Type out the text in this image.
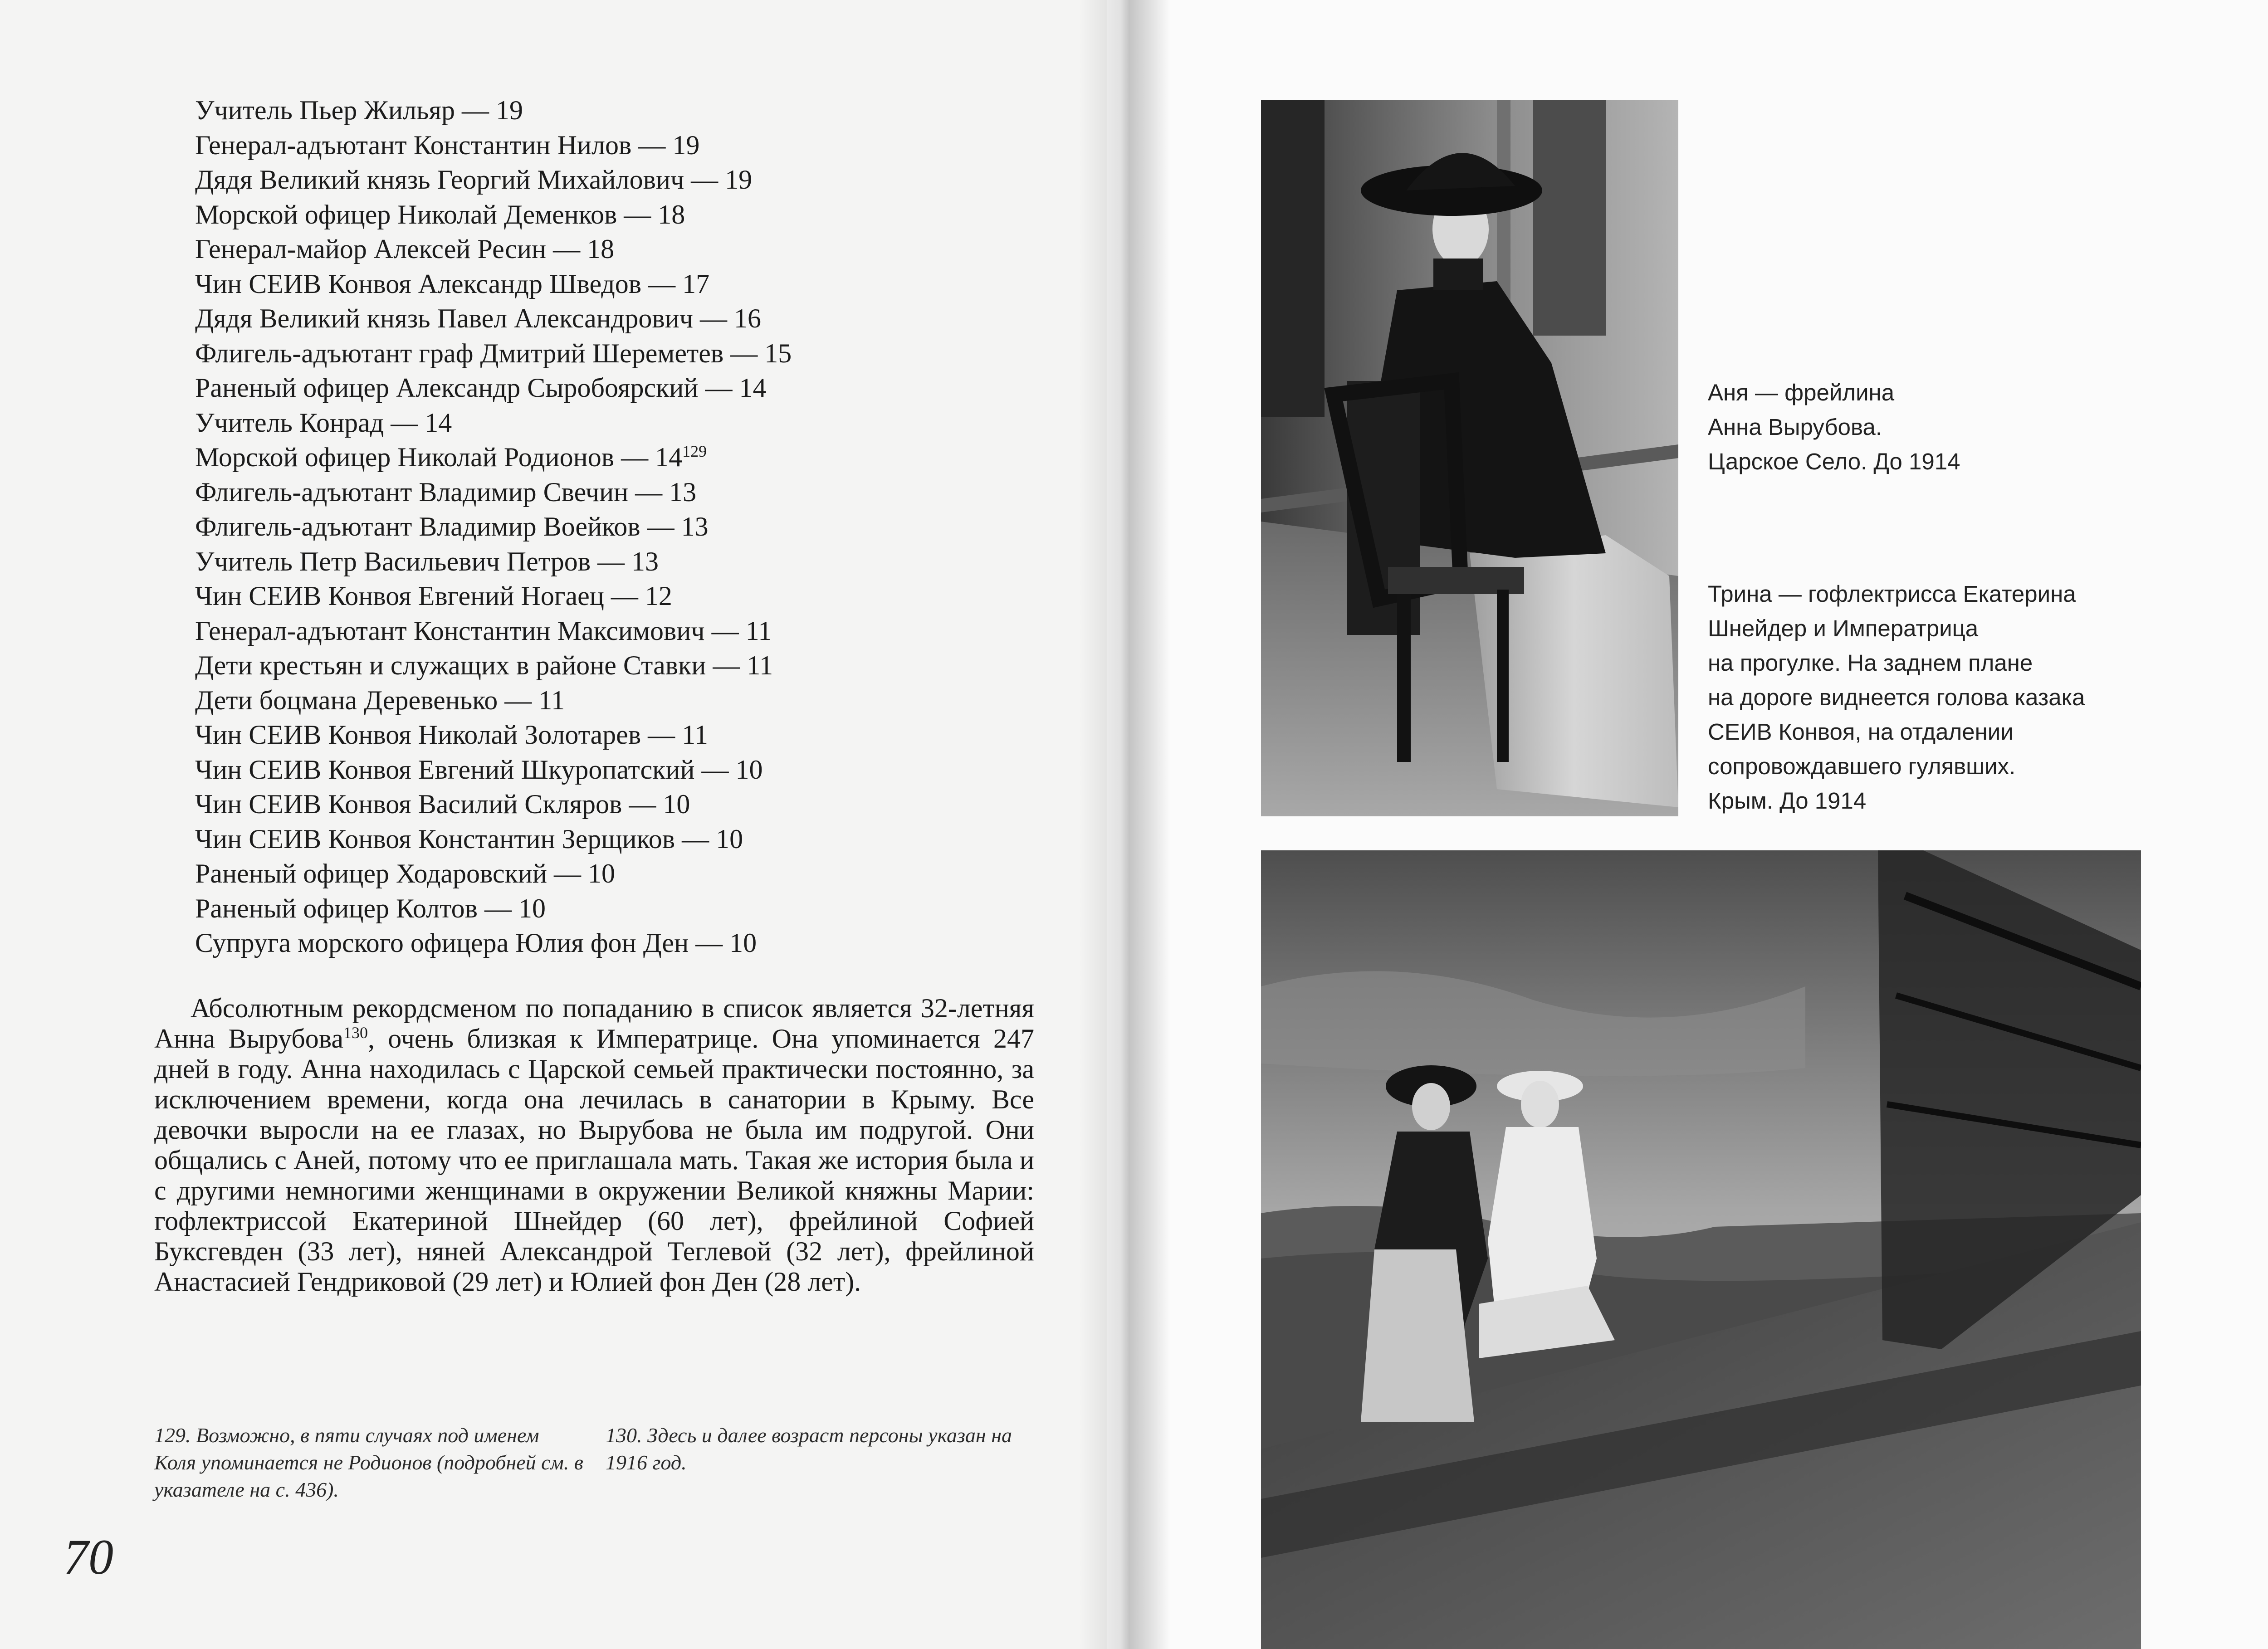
Учитель Пьер Жильяр — 19
Генерал-адъютант Константин Нилов — 19
Дядя Великий князь Георгий Михайлович — 19
Морской офицер Николай Деменков — 18
Генерал-майор Алексей Ресин — 18
Чин СЕИВ Конвоя Александр Шведов — 17
Дядя Великий князь Павел Александрович — 16
Флигель-адъютант граф Дмитрий Шереметев — 15
Раненый офицер Александр Сыробоярский — 14
Учитель Конрад — 14
Морской офицер Николай Родионов — $14^{129}$
Флигель-адъютант Владимир Свечин — 13
Флигель-адъютант Владимир Воейков — 13
Учитель Петр Васильевич Петров — 13
Чин СЕИВ Конвоя Евгений Ногаец — 12
Генерал-адъютант Константин Максимович — 11
Дети крестьян и служащих в районе Ставки — 11
Дети боцмана Деревенько — 11
Чин СЕИВ Конвоя Николай Золотарев — 11
Чин СЕИВ Конвоя Евгений Шкуропатский — 10
Чин СЕИВ Конвоя Василий Скляров — 10
Чин СЕИВ Конвоя Константин Зерщиков — 10
Раненый офицер Ходаровский — 10
Раненый офицер Колтов — 10
Супруга морского офицера Юлия фон Ден — 10

Абсолютным рекордсменом по попаданию в список является 32-летняя Анна Вырубова$^{130}$, очень близкая к Императрице. Она упоминается 247 дней в году. Анна находилась с Царской семьей практически постоянно, за исключением времени, когда она лечилась в санатории в Крыму. Все девочки выросли на ее глазах, но Вырубова не была им подругой. Они общались с Аней, потому что ее приглашала мать. Такая же история была и с другими немногими женщинами в окружении Великой княжны Марии: гофлектриссой Екатериной Шнейдер (60 лет), фрейлиной Софией Буксгевден (33 лет), няней Александрой Теглевой (32 лет), фрейлиной Анастасией Гендриковой (29 лет) и Юлией фон Ден (28 лет).

129. Возможно, в пяти случаях под именем Коля упоминается не Родионов (подробней см. в указателе на с. 436).

130. Здесь и далее возраст персоны указан на 1916 год.

70
Аня — фрейлина
Анна Вырубова.
Царское Село. До 1914
Трина — гофлектрисса Екатерина
Шнейдер и Императрица
на прогулке. На заднем плане
на дороге виднеется голова казака
СЕИВ Конвоя, на отдалении
сопровождавшего гулявших.
Крым. До 1914
